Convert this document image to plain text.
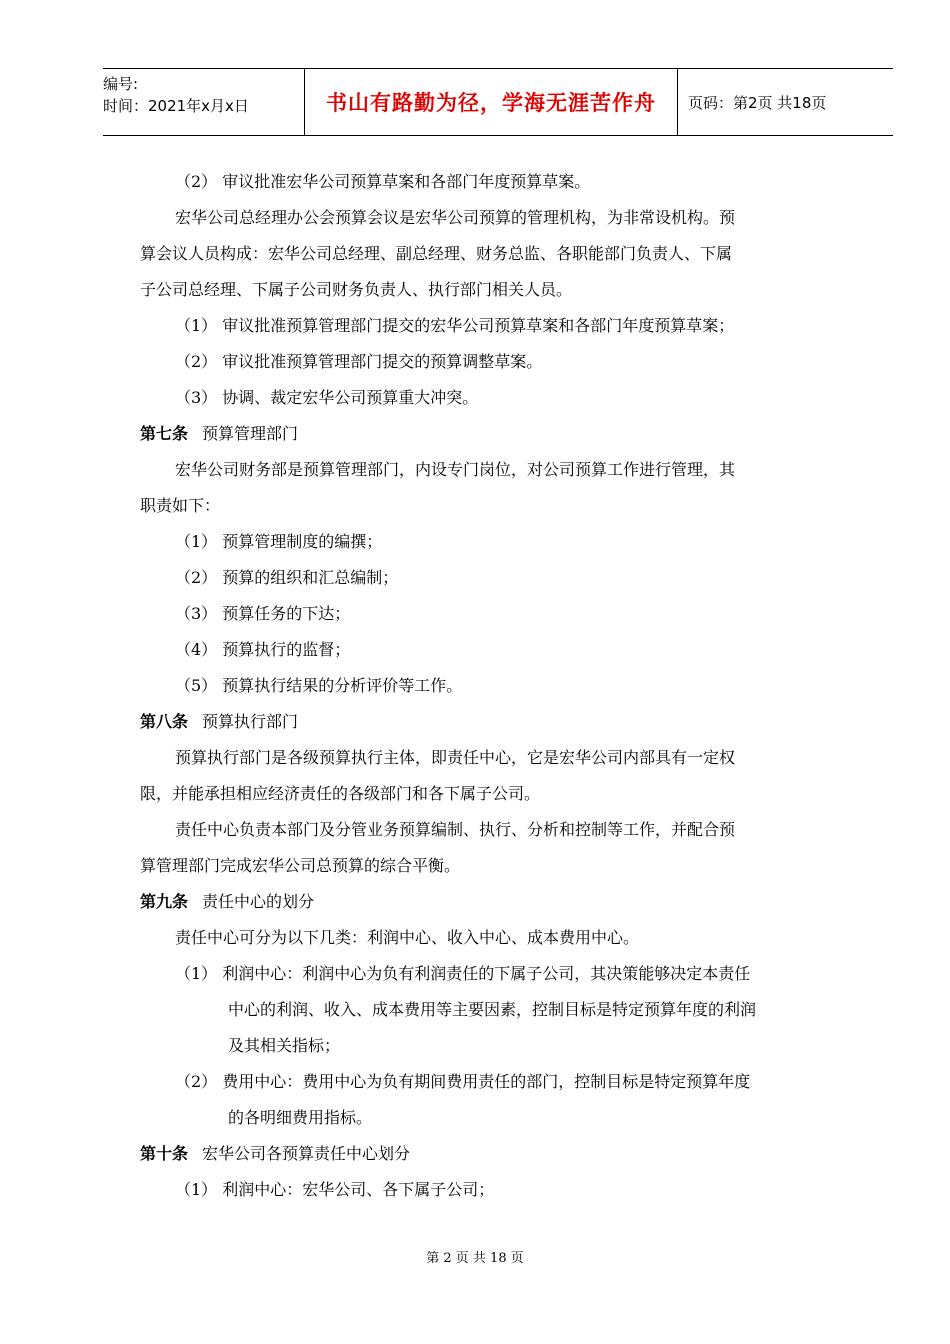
编号:
时间：2021年x月x日	书山有路勤为径，学海无涯苦作舟	页码：第2页 共18页
（2） 审议批准宏华公司预算草案和各部门年度预算草案。
宏华公司总经理办公会预算会议是宏华公司预算的管理机构，为非常设机构。预
算会议人员构成：宏华公司总经理、副总经理、财务总监、各职能部门负责人、下属
子公司总经理、下属子公司财务负责人、执行部门相关人员。
（1） 审议批准预算管理部门提交的宏华公司预算草案和各部门年度预算草案；
（2） 审议批准预算管理部门提交的预算调整草案。
（3） 协调、裁定宏华公司预算重大冲突。
第七条 预算管理部门
宏华公司财务部是预算管理部门，内设专门岗位，对公司预算工作进行管理，其
职责如下：
（1） 预算管理制度的编撰；
（2） 预算的组织和汇总编制；
（3） 预算任务的下达；
（4） 预算执行的监督；
（5） 预算执行结果的分析评价等工作。
第八条 预算执行部门
预算执行部门是各级预算执行主体，即责任中心，它是宏华公司内部具有一定权
限，并能承担相应经济责任的各级部门和各下属子公司。
责任中心负责本部门及分管业务预算编制、执行、分析和控制等工作，并配合预
算管理部门完成宏华公司总预算的综合平衡。
第九条 责任中心的划分
责任中心可分为以下几类：利润中心、收入中心、成本费用中心。
（1） 利润中心：利润中心为负有利润责任的下属子公司，其决策能够决定本责任
中心的利润、收入、成本费用等主要因素，控制目标是特定预算年度的利润
及其相关指标；
（2） 费用中心：费用中心为负有期间费用责任的部门，控制目标是特定预算年度
的各明细费用指标。
第十条 宏华公司各预算责任中心划分
（1） 利润中心：宏华公司、各下属子公司；
第 2 页 共 18 页
